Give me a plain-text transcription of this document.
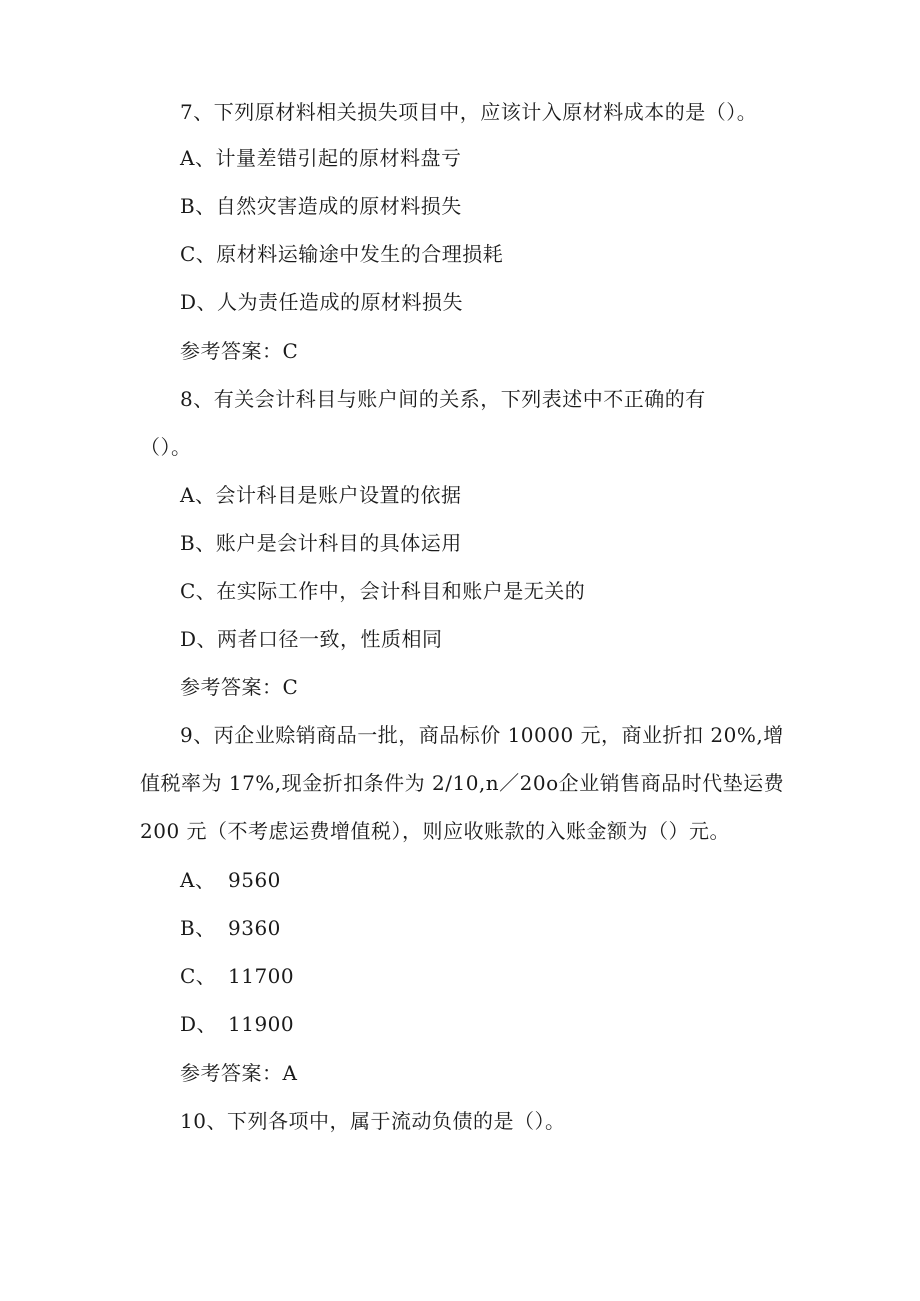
7、下列原材料相关损失项目中，应该计入原材料成本的是（）。
A、计量差错引起的原材料盘亏
B、自然灾害造成的原材料损失
C、原材料运输途中发生的合理损耗
D、人为责任造成的原材料损失
参考答案：C
8、有关会计科目与账户间的关系，下列表述中不正确的有
（）。
A、会计科目是账户设置的依据
B、账户是会计科目的具体运用
C、在实际工作中，会计科目和账户是无关的
D、两者口径一致，性质相同
参考答案：C
9、丙企业赊销商品一批，商品标价 10000 元，商业折扣 20%,增
值税率为 17%,现金折扣条件为 2/10,n／20o企业销售商品时代垫运费
200 元（不考虑运费增值税），则应收账款的入账金额为（）元。
A、 9560
B、 9360
C、 11700
D、 11900
参考答案：A
10、下列各项中，属于流动负债的是（）。
